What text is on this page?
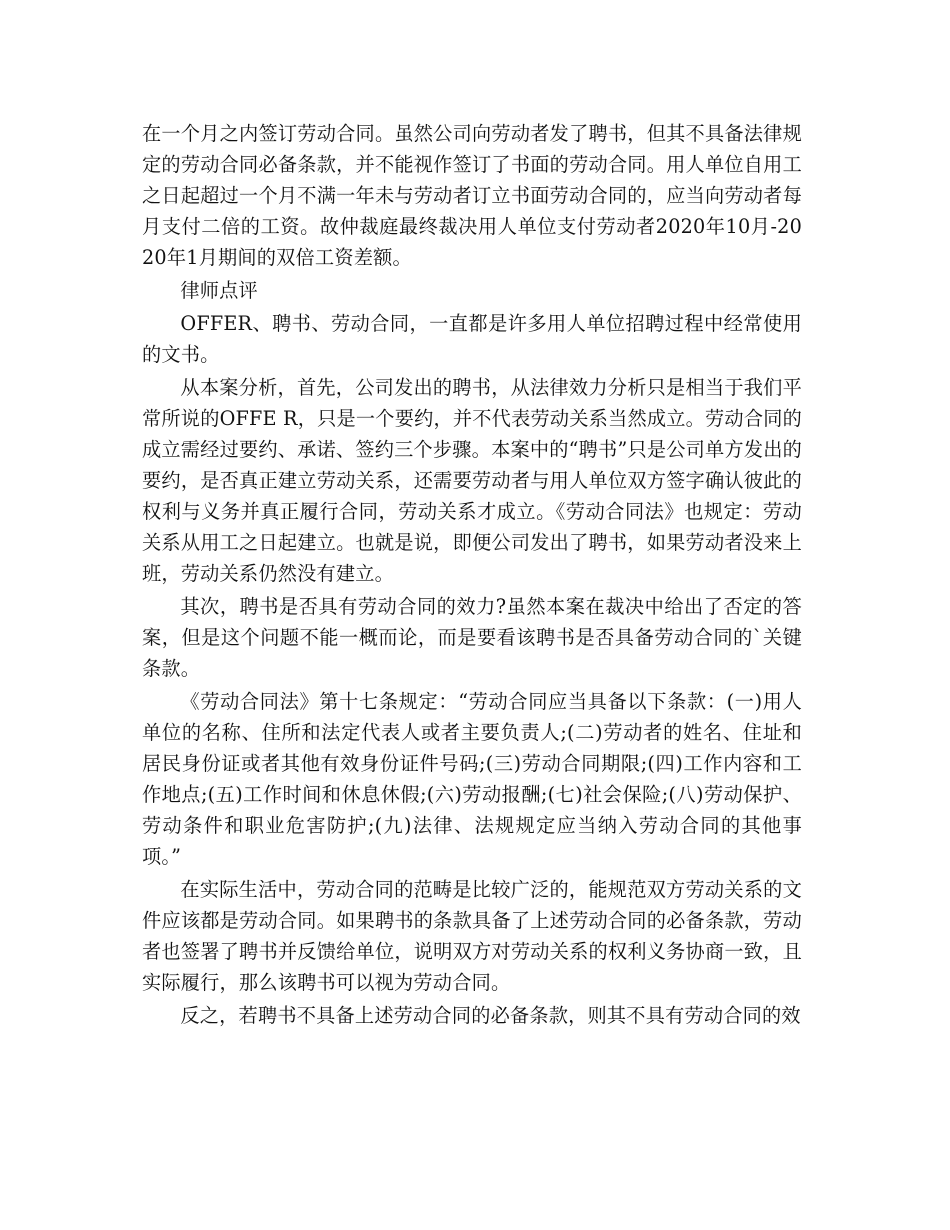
在一个月之内签订劳动合同。虽然公司向劳动者发了聘书，但其不具备法律规定的劳动合同必备条款，并不能视作签订了书面的劳动合同。用人单位自用工之日起超过一个月不满一年未与劳动者订立书面劳动合同的，应当向劳动者每月支付二倍的工资。故仲裁庭最终裁决用人单位支付劳动者2020年10月-2020年1月期间的双倍工资差额。

律师点评

OFFER、聘书、劳动合同，一直都是许多用人单位招聘过程中经常使用的文书。

从本案分析，首先，公司发出的聘书，从法律效力分析只是相当于我们平常所说的OFFE R，只是一个要约，并不代表劳动关系当然成立。劳动合同的成立需经过要约、承诺、签约三个步骤。本案中的“聘书”只是公司单方发出的要约，是否真正建立劳动关系，还需要劳动者与用人单位双方签字确认彼此的权利与义务并真正履行合同，劳动关系才成立。《劳动合同法》也规定：劳动关系从用工之日起建立。也就是说，即便公司发出了聘书，如果劳动者没来上班，劳动关系仍然没有建立。

其次，聘书是否具有劳动合同的效力?虽然本案在裁决中给出了否定的答案，但是这个问题不能一概而论，而是要看该聘书是否具备劳动合同的`关键条款。

《劳动合同法》第十七条规定：“劳动合同应当具备以下条款：(一)用人单位的名称、住所和法定代表人或者主要负责人;(二)劳动者的姓名、住址和居民身份证或者其他有效身份证件号码;(三)劳动合同期限;(四)工作内容和工作地点;(五)工作时间和休息休假;(六)劳动报酬;(七)社会保险;(八)劳动保护、劳动条件和职业危害防护;(九)法律、法规规定应当纳入劳动合同的其他事项。”

在实际生活中，劳动合同的范畴是比较广泛的，能规范双方劳动关系的文件应该都是劳动合同。如果聘书的条款具备了上述劳动合同的必备条款，劳动者也签署了聘书并反馈给单位，说明双方对劳动关系的权利义务协商一致，且实际履行，那么该聘书可以视为劳动合同。

反之，若聘书不具备上述劳动合同的必备条款，则其不具有劳动合同的效
